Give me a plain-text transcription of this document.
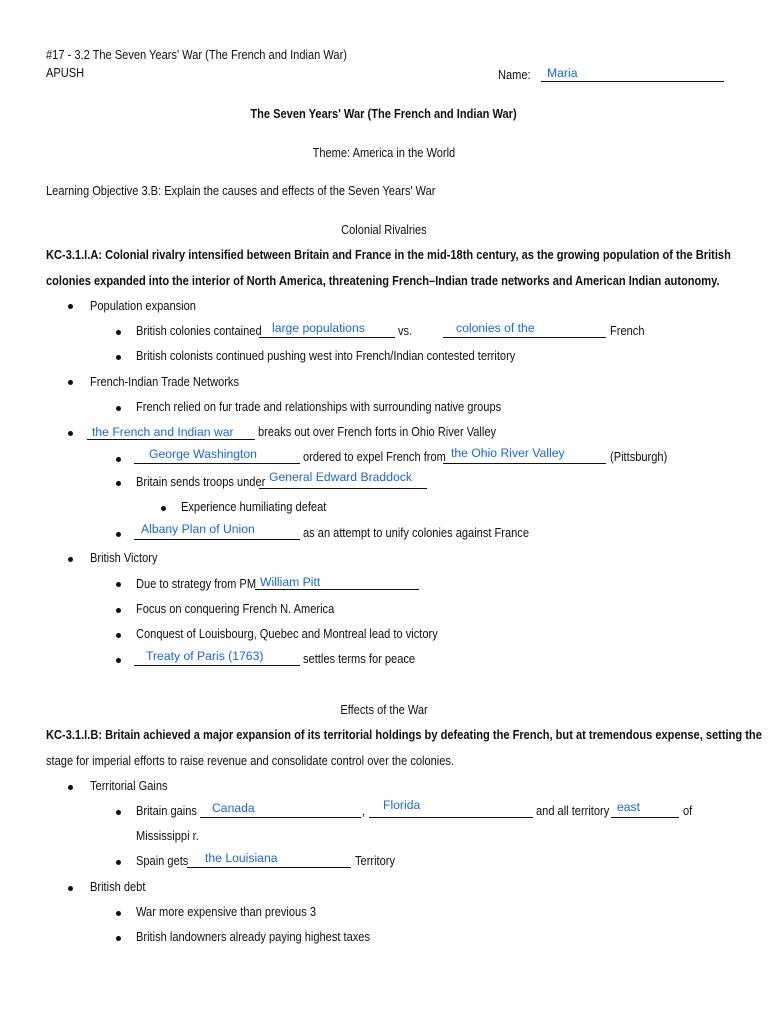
#17 - 3.2 The Seven Years' War (The French and Indian War)
APUSH	Name: Maria
The Seven Years' War (The French and Indian War)
Theme: America in the World
Learning Objective 3.B: Explain the causes and effects of the Seven Years' War
Colonial Rivalries
KC-3.1.I.A: Colonial rivalry intensified between Britain and France in the mid-18th century, as the growing population of the British
colonies expanded into the interior of North America, threatening French–Indian trade networks and American Indian autonomy.
Population expansion
British colonies contained large populations	vs.	colonies of the	French
British colonists continued pushing west into French/Indian contested territory
French-Indian Trade Networks
French relied on fur trade and relationships with surrounding native groups
the French and Indian war breaks out over French forts in Ohio River Valley
George Washington	ordered to expel French from the Ohio River Valley	(Pittsburgh)
Britain sends troops under General Edward Braddock
Experience humiliating defeat
Albany Plan of Union	as an attempt to unify colonies against France
British Victory
Due to strategy from PM William Pitt
Focus on conquering French N. America
Conquest of Louisbourg, Quebec and Montreal lead to victory
Treaty of Paris (1763)	settles terms for peace
Effects of the War
KC-3.1.I.B: Britain achieved a major expansion of its territorial holdings by defeating the French, but at tremendous expense, setting the
stage for imperial efforts to raise revenue and consolidate control over the colonies.
Territorial Gains
Britain gains Canada	, Florida	and all territory east	of
Mississippi r.
Spain gets the Louisiana	Territory
British debt
War more expensive than previous 3
British landowners already paying highest taxes
